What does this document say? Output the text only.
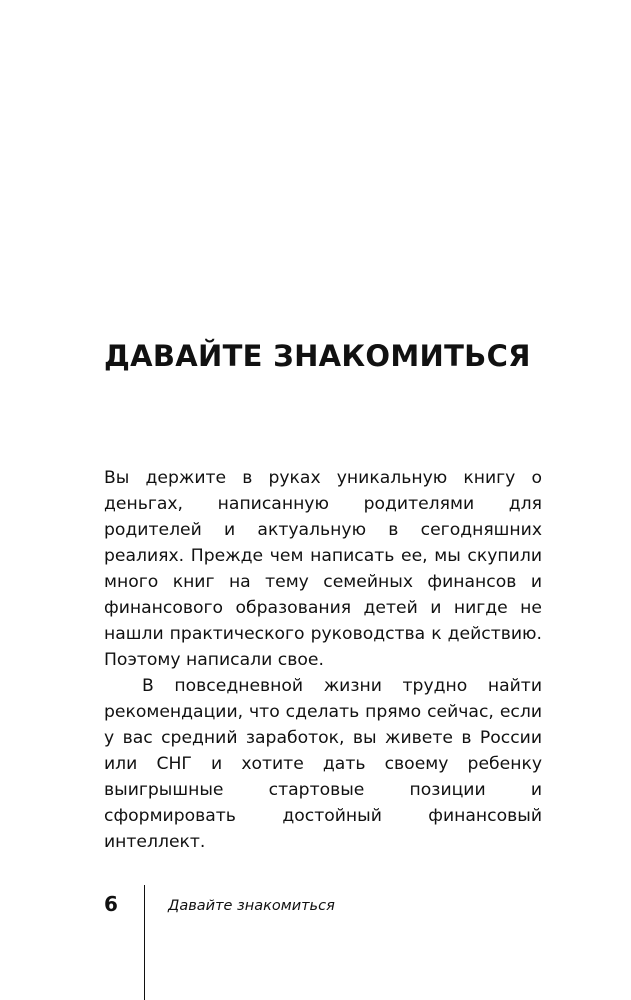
ДАВАЙТЕ ЗНАКОМИТЬСЯ

Вы держите в руках уникальную книгу о деньгах, написанную родителями для родителей и актуальную в сегодняшних реалиях. Прежде чем написать ее, мы скупили много книг на тему семейных финансов и финансового образования детей и нигде не нашли практического руководства к действию. Поэтому написали свое.

В повседневной жизни трудно найти рекомендации, что сделать прямо сейчас, если у вас средний заработок, вы живете в России или СНГ и хотите дать своему ребенку выигрышные стартовые позиции и сформировать достойный финансовый интеллект.

6	Давайте знакомиться
